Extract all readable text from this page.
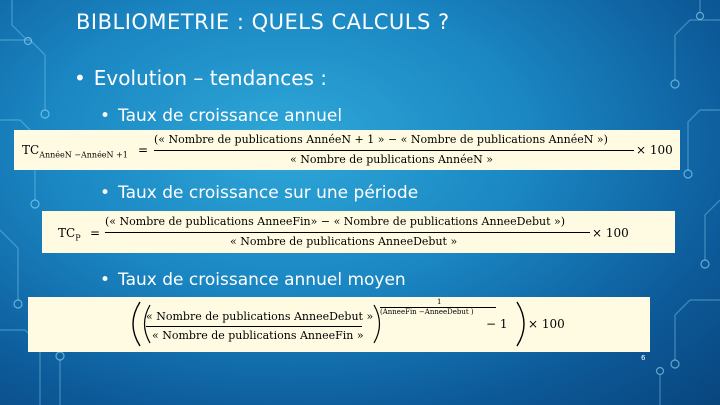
BIBLIOMETRIE : QUELS CALCULS ?
• Evolution – tendances :
• Taux de croissance annuel
$TC_{AnnéeN -AnnéeN +1}$ =
(« Nombre de publications AnnéeN + 1 » − « Nombre de publications AnnéeN »)
« Nombre de publications AnnéeN »
× 100
• Taux de croissance sur une période
$TC_P$ =
(« Nombre de publications AnneeFin» − « Nombre de publications AnneeDebut »)
« Nombre de publications AnneeDebut »
× 100
• Taux de croissance annuel moyen
« Nombre de publications AnneeDebut »
« Nombre de publications AnneeFin »
1
(AnneeFin −AnneeDebut )
− 1 × 100
6
